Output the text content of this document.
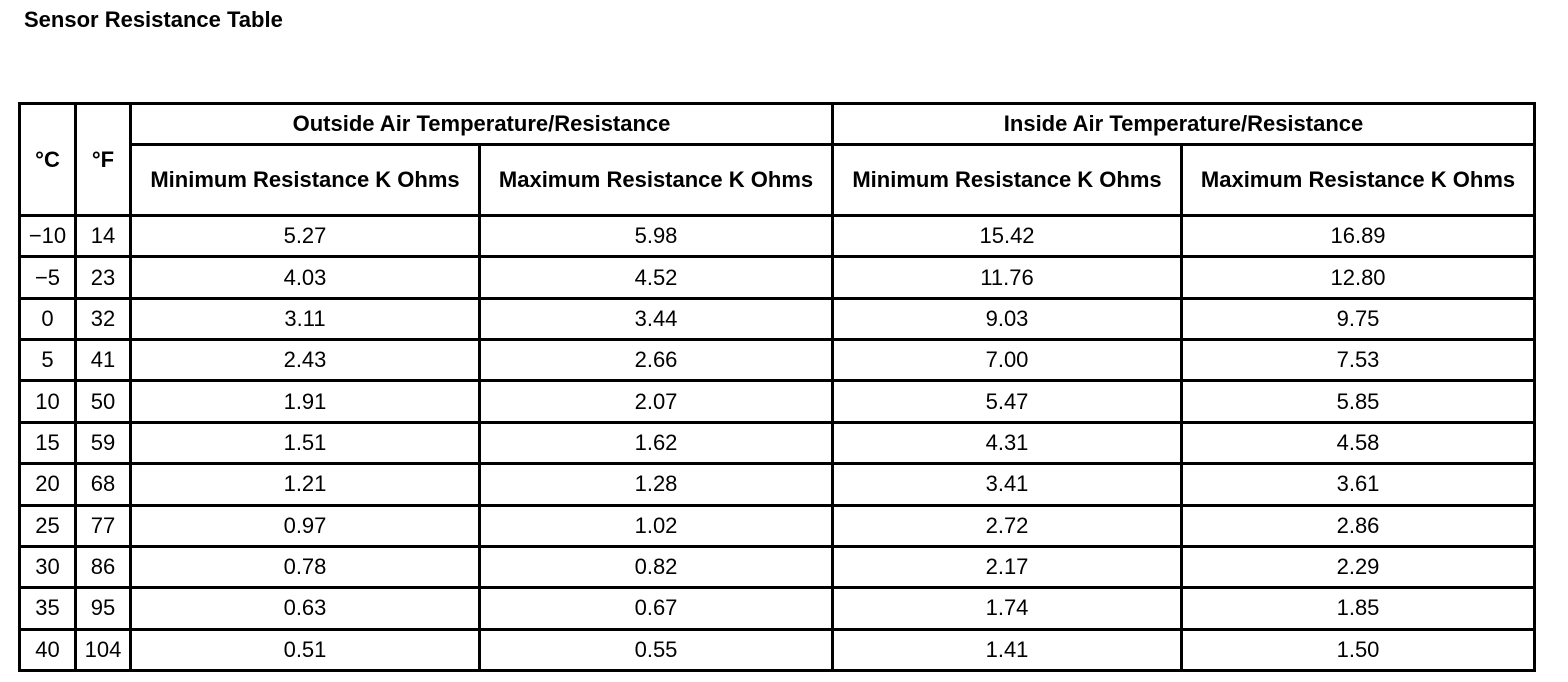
Sensor Resistance Table
°C	°F	Outside Air Temperature/Resistance		Inside Air Temperature/Resistance	
		Minimum Resistance K Ohms	Maximum Resistance K Ohms	Minimum Resistance K Ohms	Maximum Resistance K Ohms
−10	14	5.27	5.98	15.42	16.89
−5	23	4.03	4.52	11.76	12.80
0	32	3.11	3.44	9.03	9.75
5	41	2.43	2.66	7.00	7.53
10	50	1.91	2.07	5.47	5.85
15	59	1.51	1.62	4.31	4.58
20	68	1.21	1.28	3.41	3.61
25	77	0.97	1.02	2.72	2.86
30	86	0.78	0.82	2.17	2.29
35	95	0.63	0.67	1.74	1.85
40	104	0.51	0.55	1.41	1.50
